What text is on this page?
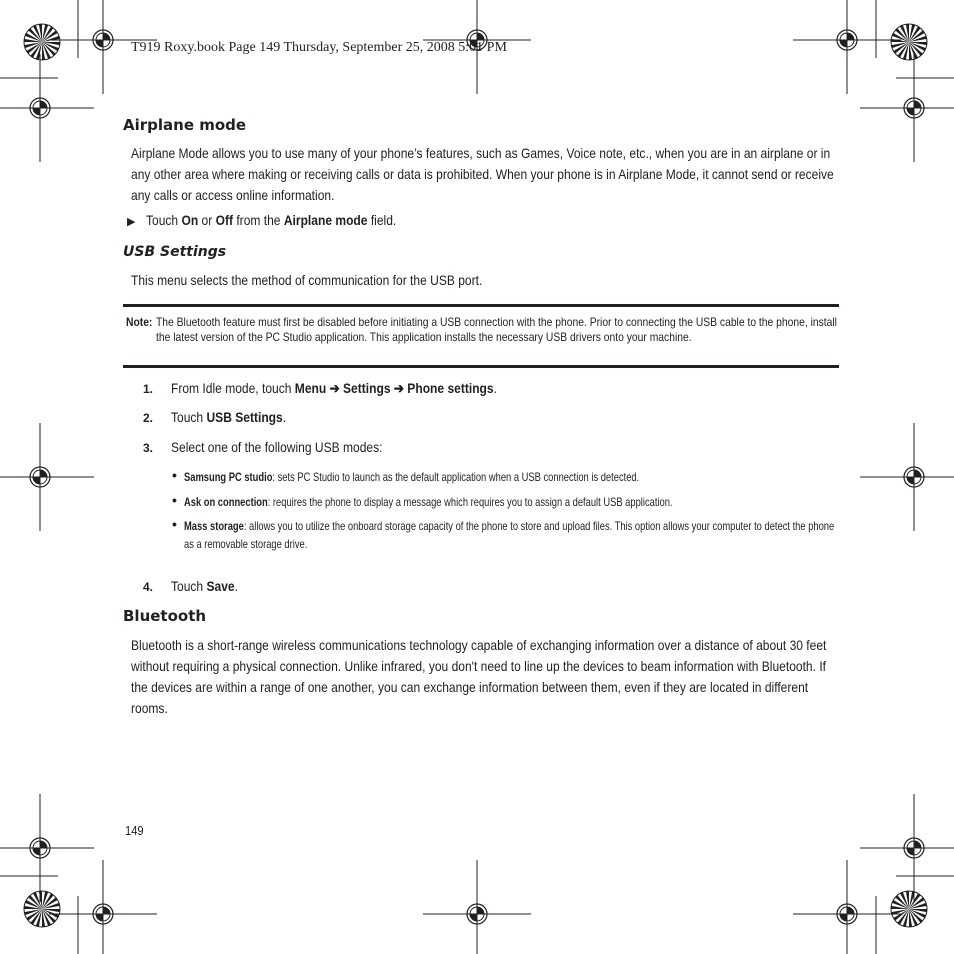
T919 Roxy.book Page 149 Thursday, September 25, 2008 5:01 PM
Airplane mode
Airplane Mode allows you to use many of your phone’s features, such as Games, Voice note, etc., when you are in an airplane or in any other area where making or receiving calls or data is prohibited. When your phone is in Airplane Mode, it cannot send or receive any calls or access online information.
▶ Touch On or Off from the Airplane mode field.
USB Settings
This menu selects the method of communication for the USB port.
Note: The Bluetooth feature must first be disabled before initiating a USB connection with the phone. Prior to connecting the USB cable to the phone, install the latest version of the PC Studio application. This application installs the necessary USB drivers onto your machine.
1. From Idle mode, touch Menu ➔ Settings ➔ Phone settings.
2. Touch USB Settings.
3. Select one of the following USB modes:
• Samsung PC studio: sets PC Studio to launch as the default application when a USB connection is detected.
• Ask on connection: requires the phone to display a message which requires you to assign a default USB application.
• Mass storage: allows you to utilize the onboard storage capacity of the phone to store and upload files. This option allows your computer to detect the phone as a removable storage drive.
4. Touch Save.
Bluetooth
Bluetooth is a short-range wireless communications technology capable of exchanging information over a distance of about 30 feet without requiring a physical connection. Unlike infrared, you don't need to line up the devices to beam information with Bluetooth. If the devices are within a range of one another, you can exchange information between them, even if they are located in different rooms.
149
